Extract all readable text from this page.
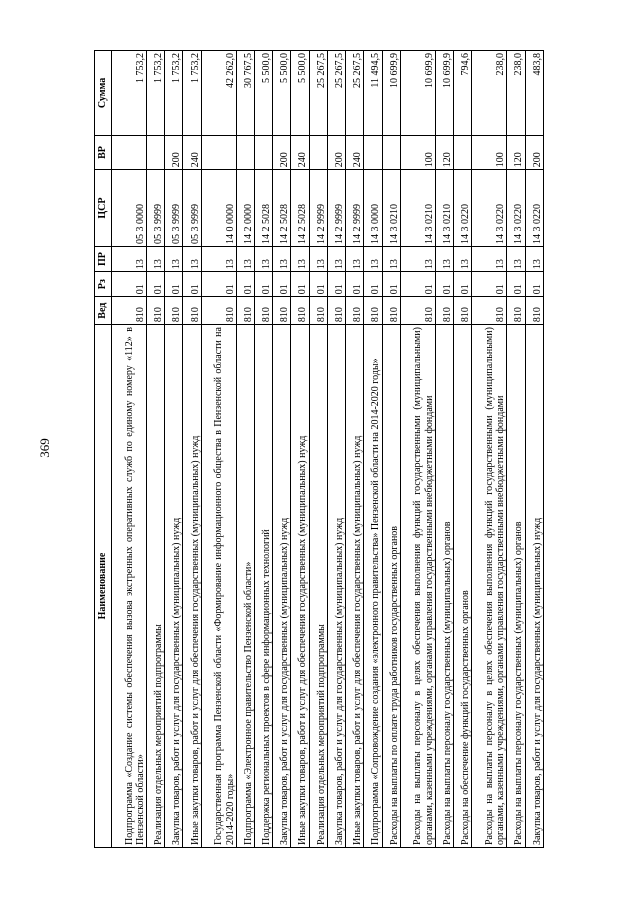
369
Наименование	Вед	Рз	ПР	ЦСР	ВР	Сумма
Подпрограмма «Создание системы обеспечения вызова экстренных оперативных служб по единому номеру «112» в Пензенской области»	810	01	13	05 3 0000		1 753,2
Реализация отдельных мероприятий подпрограммы	810	01	13	05 3 9999		1 753,2
Закупка товаров, работ и услуг для государственных (муниципальных) нужд	810	01	13	05 3 9999	200	1 753,2
Иные закупки товаров, работ и услуг для обеспечения государственных (муниципальных) нужд	810	01	13	05 3 9999	240	1 753,2
Государственная программа Пензенской области «Формирование информационного общества в Пензенской области на 2014-2020 годы»	810	01	13	14 0 0000		42 262,0
Подпрограмма «Электронное правительство Пензенской области»	810	01	13	14 2 0000		30 767,5
Поддержка региональных проектов в сфере информационных технологий	810	01	13	14 2 5028		5 500,0
Закупка товаров, работ и услуг для государственных (муниципальных) нужд	810	01	13	14 2 5028	200	5 500,0
Иные закупки товаров, работ и услуг для обеспечения государственных (муниципальных) нужд	810	01	13	14 2 5028	240	5 500,0
Реализация отдельных мероприятий подпрограммы	810	01	13	14 2 9999		25 267,5
Закупка товаров, работ и услуг для государственных (муниципальных) нужд	810	01	13	14 2 9999	200	25 267,5
Иные закупки товаров, работ и услуг для обеспечения государственных (муниципальных) нужд	810	01	13	14 2 9999	240	25 267,5
Подпрограмма «Сопровождение создания «электронного правительства» Пензенской области на 2014-2020 годы»	810	01	13	14 3 0000		11 494,5
Расходы на выплаты по оплате труда работников государственных органов	810	01	13	14 3 0210		10 699,9
Расходы на выплаты персоналу в целях обеспечения выполнения функций государственными (муниципальными) органами, казенными учреждениями, органами управления государственными внебюджетными фондами	810	01	13	14 3 0210	100	10 699,9
Расходы на выплаты персоналу государственных (муниципальных) органов	810	01	13	14 3 0210	120	10 699,9
Расходы на обеспечение функций государственных органов	810	01	13	14 3 0220		794,6
Расходы на выплаты персоналу в целях обеспечения выполнения функций государственными (муниципальными) органами, казенными учреждениями, органами управления государственными внебюджетными фондами	810	01	13	14 3 0220	100	238,0
Расходы на выплаты персоналу государственных (муниципальных) органов	810	01	13	14 3 0220	120	238,0
Закупка товаров, работ и услуг для государственных (муниципальных) нужд	810	01	13	14 3 0220	200	483,8
